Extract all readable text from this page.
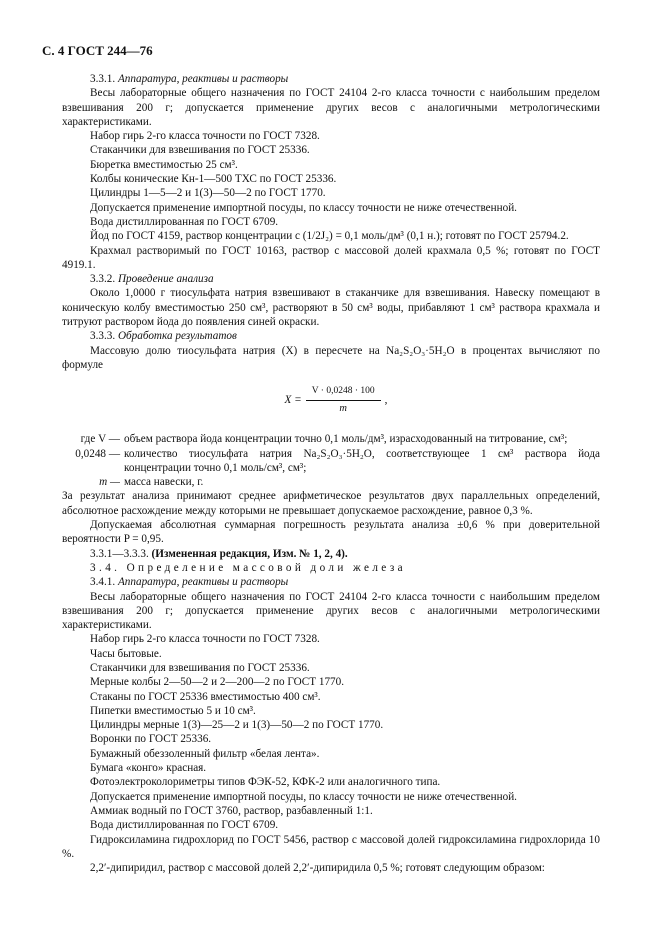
С. 4 ГОСТ 244—76

3.3.1. Аппаратура, реактивы и растворы

Весы лабораторные общего назначения по ГОСТ 24104 2-го класса точности с наибольшим пределом взвешивания 200 г; допускается применение других весов с аналогичными метрологическими характеристиками.

Набор гирь 2-го класса точности по ГОСТ 7328.

Стаканчики для взвешивания по ГОСТ 25336.

Бюретка вместимостью 25 см³.

Колбы конические Кн-1—500 ТХС по ГОСТ 25336.

Цилиндры 1—5—2 и 1(3)—50—2 по ГОСТ 1770.

Допускается применение импортной посуды, по классу точности не ниже отечественной.

Вода дистиллированная по ГОСТ 6709.

Йод по ГОСТ 4159, раствор концентрации c (1/2J₂) = 0,1 моль/дм³ (0,1 н.); готовят по ГОСТ 25794.2.

Крахмал растворимый по ГОСТ 10163, раствор с массовой долей крахмала 0,5 %; готовят по ГОСТ 4919.1.

3.3.2. Проведение анализа

Около 1,0000 г тиосульфата натрия взвешивают в стаканчике для взвешивания. Навеску помещают в коническую колбу вместимостью 250 см³, растворяют в 50 см³ воды, прибавляют 1 см³ раствора крахмала и титруют раствором йода до появления синей окраски.

3.3.3. Обработка результатов

Массовую долю тиосульфата натрия (X) в пересчете на Na₂S₂O₃·5H₂O в процентах вычисляют по формуле

$X = \frac{V \cdot 0,0248 \cdot 100}{m}$ ,
где V — объем раствора йода концентрации точно 0,1 моль/дм³, израсходованный на титрование, см³;
0,0248 — количество тиосульфата натрия Na₂S₂O₃·5H₂O, соответствующее 1 см³ раствора йода концентрации точно 0,1 моль/см³, см³;
m — масса навески, г.

За результат анализа принимают среднее арифметическое результатов двух параллельных определений, абсолютное расхождение между которыми не превышает допускаемое расхождение, равное 0,3 %.

Допускаемая абсолютная суммарная погрешность результата анализа ±0,6 % при доверительной вероятности P = 0,95.

3.3.1—3.3.3. (Измененная редакция, Изм. № 1, 2, 4).

3.4. Определение массовой доли железа

3.4.1. Аппаратура, реактивы и растворы

Весы лабораторные общего назначения по ГОСТ 24104 2-го класса точности с наибольшим пределом взвешивания 200 г; допускается применение других весов с аналогичными метрологическими характеристиками.

Набор гирь 2-го класса точности по ГОСТ 7328.

Часы бытовые.

Стаканчики для взвешивания по ГОСТ 25336.

Мерные колбы 2—50—2 и 2—200—2 по ГОСТ 1770.

Стаканы по ГОСТ 25336 вместимостью 400 см³.

Пипетки вместимостью 5 и 10 см³.

Цилиндры мерные 1(3)—25—2 и 1(3)—50—2 по ГОСТ 1770.

Воронки по ГОСТ 25336.

Бумажный обеззоленный фильтр «белая лента».

Бумага «конго» красная.

Фотоэлектроколориметры типов ФЭК-52, КФК-2 или аналогичного типа.

Допускается применение импортной посуды, по классу точности не ниже отечественной.

Аммиак водный по ГОСТ 3760, раствор, разбавленный 1:1.

Вода дистиллированная по ГОСТ 6709.

Гидроксиламина гидрохлорид по ГОСТ 5456, раствор с массовой долей гидроксиламина гидрохлорида 10 %.

2,2′-дипиридил, раствор с массовой долей 2,2′-дипиридила 0,5 %; готовят следующим образом:
